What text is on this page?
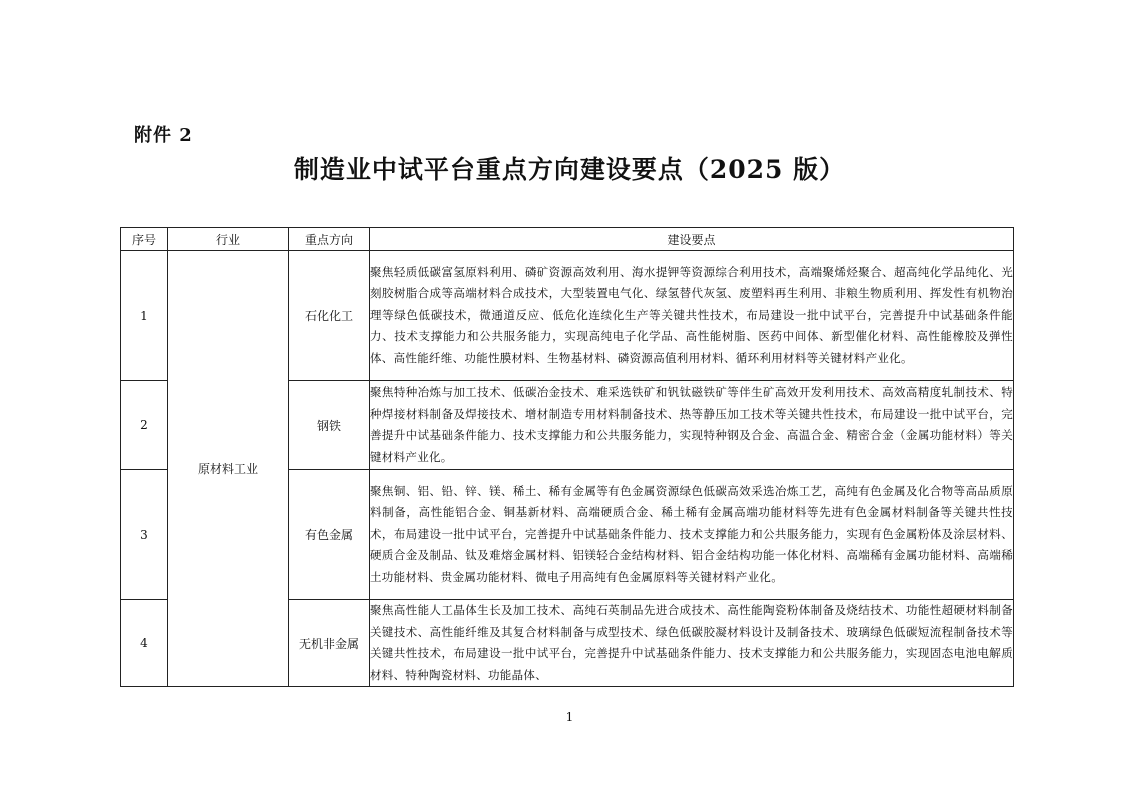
附件 2
制造业中试平台重点方向建设要点（2025 版）
序号	行业	重点方向	建设要点
1	原材料工业	石化化工	聚焦轻质低碳富氢原料利用、磷矿资源高效利用、海水提钾等资源综合利用技术，高端聚烯烃聚合、超高纯化学品纯化、光刻胶树脂合成等高端材料合成技术，大型装置电气化、绿氢替代灰氢、废塑料再生利用、非粮生物质利用、挥发性有机物治理等绿色低碳技术，微通道反应、低危化连续化生产等关键共性技术，布局建设一批中试平台，完善提升中试基础条件能力、技术支撑能力和公共服务能力，实现高纯电子化学品、高性能树脂、医药中间体、新型催化材料、高性能橡胶及弹性体、高性能纤维、功能性膜材料、生物基材料、磷资源高值利用材料、循环利用材料等关键材料产业化。
2		钢铁	聚焦特种冶炼与加工技术、低碳冶金技术、难采选铁矿和钒钛磁铁矿等伴生矿高效开发利用技术、高效高精度轧制技术、特种焊接材料制备及焊接技术、增材制造专用材料制备技术、热等静压加工技术等关键共性技术，布局建设一批中试平台，完善提升中试基础条件能力、技术支撑能力和公共服务能力，实现特种钢及合金、高温合金、精密合金（金属功能材料）等关键材料产业化。
3		有色金属	聚焦铜、铝、铅、锌、镁、稀土、稀有金属等有色金属资源绿色低碳高效采选冶炼工艺，高纯有色金属及化合物等高品质原料制备，高性能铝合金、铜基新材料、高端硬质合金、稀土稀有金属高端功能材料等先进有色金属材料制备等关键共性技术，布局建设一批中试平台，完善提升中试基础条件能力、技术支撑能力和公共服务能力，实现有色金属粉体及涂层材料、硬质合金及制品、钛及难熔金属材料、铝镁轻合金结构材料、铝合金结构功能一体化材料、高端稀有金属功能材料、高端稀土功能材料、贵金属功能材料、微电子用高纯有色金属原料等关键材料产业化。
4		无机非金属	聚焦高性能人工晶体生长及加工技术、高纯石英制品先进合成技术、高性能陶瓷粉体制备及烧结技术、功能性超硬材料制备关键技术、高性能纤维及其复合材料制备与成型技术、绿色低碳胶凝材料设计及制备技术、玻璃绿色低碳短流程制备技术等关键共性技术，布局建设一批中试平台，完善提升中试基础条件能力、技术支撑能力和公共服务能力，实现固态电池电解质材料、特种陶瓷材料、功能晶体、
1
